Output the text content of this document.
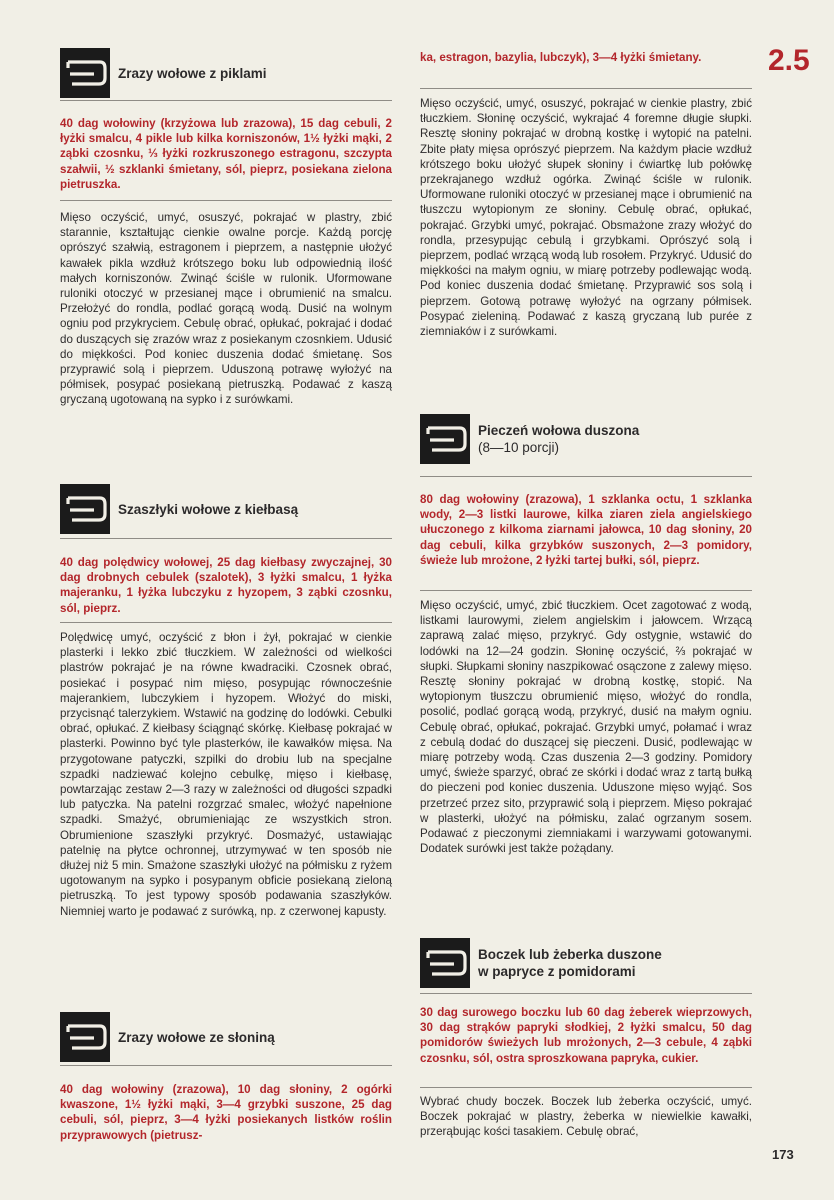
2.5
Zrazy wołowe z piklami

40 dag wołowiny (krzyżowa lub zrazowa), 15 dag cebuli, 2 łyżki smalcu, 4 pikle lub kilka korniszonów, 1½ łyżki mąki, 2 ząbki czosnku, ⅓ łyżki rozkruszonego estragonu, szczypta szałwii, ½ szklanki śmietany, sól, pieprz, posiekana zielona pietruszka.

Mięso oczyścić, umyć, osuszyć, pokrajać w plastry, zbić starannie, kształtując cienkie owalne porcje. Każdą porcję oprószyć szałwią, estragonem i pieprzem, a następnie ułożyć kawałek pikla wzdłuż krótszego boku lub odpowiednią ilość małych korniszonów. Zwinąć ściśle w rulonik. Uformowane ruloniki otoczyć w przesianej mące i obrumienić na smalcu. Przełożyć do rondla, podlać gorącą wodą. Dusić na wolnym ogniu pod przykryciem. Cebulę obrać, opłukać, pokrajać i dodać do duszących się zrazów wraz z posiekanym czosnkiem. Udusić do miękkości. Pod koniec duszenia dodać śmietanę. Sos przyprawić solą i pieprzem. Uduszoną potrawę wyłożyć na półmisek, posypać posiekaną pietruszką. Podawać z kaszą gryczaną ugotowaną na sypko i z surówkami.

Szaszłyki wołowe z kiełbasą

40 dag polędwicy wołowej, 25 dag kiełbasy zwyczajnej, 30 dag drobnych cebulek (szalotek), 3 łyżki smalcu, 1 łyżka majeranku, 1 łyżka lubczyku z hyzopem, 3 ząbki czosnku, sól, pieprz.

Polędwicę umyć, oczyścić z błon i żył, pokrajać w cienkie plasterki i lekko zbić tłuczkiem. W zależności od wielkości plastrów pokrajać je na równe kwadraciki. Czosnek obrać, posiekać i posypać nim mięso, posypując równocześnie majerankiem, lubczykiem i hyzopem. Włożyć do miski, przycisnąć talerzykiem. Wstawić na godzinę do lodówki. Cebulki obrać, opłukać. Z kiełbasy ściągnąć skórkę. Kiełbasę pokrajać w plasterki. Powinno być tyle plasterków, ile kawałków mięsa. Na przygotowane patyczki, szpilki do drobiu lub na specjalne szpadki nadziewać kolejno cebulkę, mięso i kiełbasę, powtarzając zestaw 2—3 razy w zależności od długości szpadki lub patyczka. Na patelni rozgrzać smalec, włożyć napełnione szpadki. Smażyć, obrumieniając ze wszystkich stron. Obrumienione szaszłyki przykryć. Dosmażyć, ustawiając patelnię na płytce ochronnej, utrzymywać w ten sposób nie dłużej niż 5 min. Smażone szaszłyki ułożyć na półmisku z ryżem ugotowanym na sypko i posypanym obficie posiekaną zieloną pietruszką. To jest typowy sposób podawania szaszłyków. Niemniej warto je podawać z surówką, np. z czerwonej kapusty.

Zrazy wołowe ze słoniną

40 dag wołowiny (zrazowa), 10 dag słoniny, 2 ogórki kwaszone, 1½ łyżki mąki, 3—4 grzybki suszone, 25 dag cebuli, sól, pieprz, 3—4 łyżki posiekanych listków roślin przyprawowych (pietrusz-

ka, estragon, bazylia, lubczyk), 3—4 łyżki śmietany.

Mięso oczyścić, umyć, osuszyć, pokrajać w cienkie plastry, zbić tłuczkiem. Słoninę oczyścić, wykrajać 4 foremne długie słupki. Resztę słoniny pokrajać w drobną kostkę i wytopić na patelni. Zbite płaty mięsa oprószyć pieprzem. Na każdym płacie wzdłuż krótszego boku ułożyć słupek słoniny i ćwiartkę lub połówkę przekrajanego wzdłuż ogórka. Zwinąć ściśle w rulonik. Uformowane ruloniki otoczyć w przesianej mące i obrumienić na tłuszczu wytopionym ze słoniny. Cebulę obrać, opłukać, pokrajać. Grzybki umyć, pokrajać. Obsmażone zrazy włożyć do rondla, przesypując cebulą i grzybkami. Oprószyć solą i pieprzem, podlać wrzącą wodą lub rosołem. Przykryć. Udusić do miękkości na małym ogniu, w miarę potrzeby podlewając wodą. Pod koniec duszenia dodać śmietanę. Przyprawić sos solą i pieprzem. Gotową potrawę wyłożyć na ogrzany półmisek. Posypać zieleniną. Podawać z kaszą gryczaną lub purée z ziemniaków i z surówkami.

Pieczeń wołowa duszona
(8—10 porcji)

80 dag wołowiny (zrazowa), 1 szklanka octu, 1 szklanka wody, 2—3 listki laurowe, kilka ziaren ziela angielskiego ułuczonego z kilkoma ziarnami jałowca, 10 dag słoniny, 20 dag cebuli, kilka grzybków suszonych, 2—3 pomidory, świeże lub mrożone, 2 łyżki tartej bułki, sól, pieprz.

Mięso oczyścić, umyć, zbić tłuczkiem. Ocet zagotować z wodą, listkami laurowymi, zielem angielskim i jałowcem. Wrzącą zaprawą zalać mięso, przykryć. Gdy ostygnie, wstawić do lodówki na 12—24 godzin. Słoninę oczyścić, ⅔ pokrajać w słupki. Słupkami słoniny naszpikować osączone z zalewy mięso. Resztę słoniny pokrajać w drobną kostkę, stopić. Na wytopionym tłuszczu obrumienić mięso, włożyć do rondla, posolić, podlać gorącą wodą, przykryć, dusić na małym ogniu. Cebulę obrać, opłukać, pokrajać. Grzybki umyć, połamać i wraz z cebulą dodać do duszącej się pieczeni. Dusić, podlewając w miarę potrzeby wodą. Czas duszenia 2—3 godziny. Pomidory umyć, świeże sparzyć, obrać ze skórki i dodać wraz z tartą bułką do pieczeni pod koniec duszenia. Uduszone mięso wyjąć. Sos przetrzeć przez sito, przyprawić solą i pieprzem. Mięso pokrajać w plasterki, ułożyć na półmisku, zalać ogrzanym sosem. Podawać z pieczonymi ziemniakami i warzywami gotowanymi. Dodatek surówki jest także pożądany.

Boczek lub żeberka duszone
w papryce z pomidorami

30 dag surowego boczku lub 60 dag żeberek wieprzowych, 30 dag strąków papryki słodkiej, 2 łyżki smalcu, 50 dag pomidorów świeżych lub mrożonych, 2—3 cebule, 4 ząbki czosnku, sól, ostra sproszkowana papryka, cukier.

Wybrać chudy boczek. Boczek lub żeberka oczyścić, umyć. Boczek pokrajać w plastry, żeberka w niewielkie kawałki, przerąbując kości tasakiem. Cebulę obrać,

173
